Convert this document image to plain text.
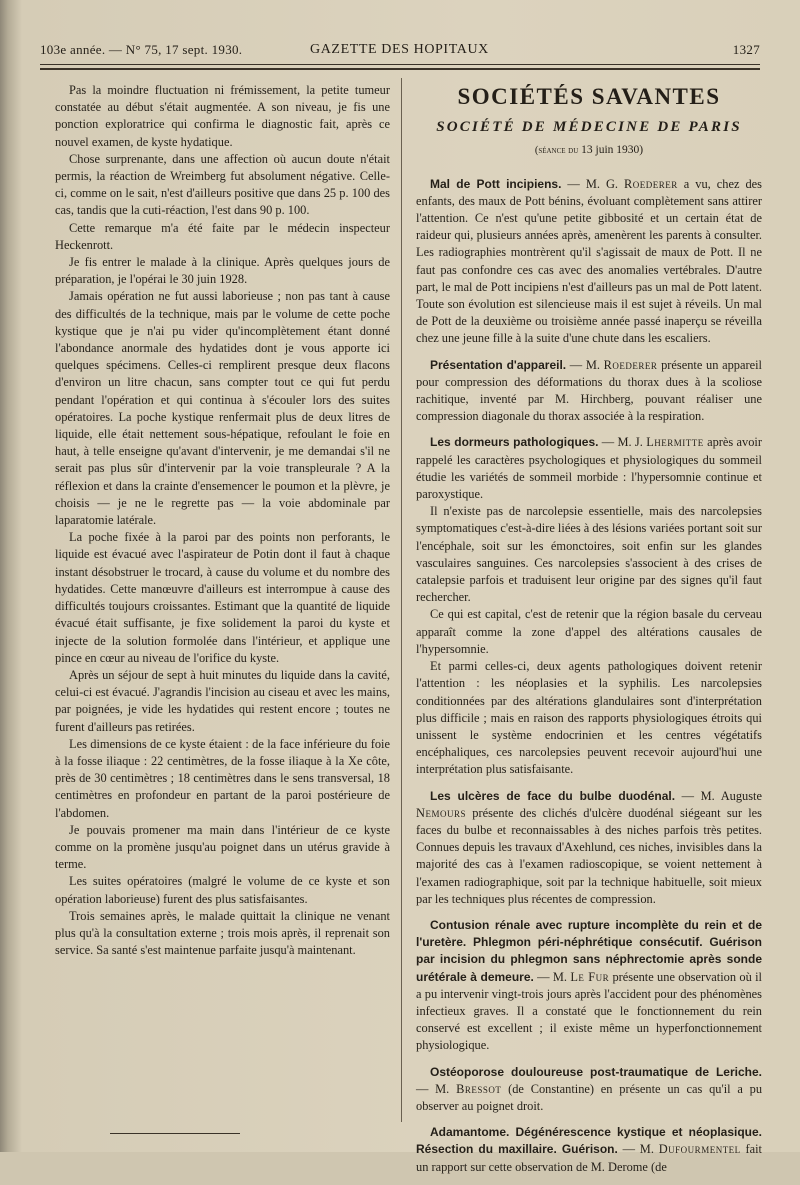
103e année. — N° 75, 17 sept. 1930.	GAZETTE DES HOPITAUX	1327

Pas la moindre fluctuation ni frémissement, la petite tumeur constatée au début s'était augmentée. A son niveau, je fis une ponction exploratrice qui confirma le diagnostic fait, après ce nouvel examen, de kyste hydatique.

Chose surprenante, dans une affection où aucun doute n'était permis, la réaction de Wreimberg fut absolument négative. Celle-ci, comme on le sait, n'est d'ailleurs positive que dans 25 p. 100 des cas, tandis que la cuti-réaction, l'est dans 90 p. 100.

Cette remarque m'a été faite par le médecin inspecteur Heckenrott.

Je fis entrer le malade à la clinique. Après quelques jours de préparation, je l'opérai le 30 juin 1928.

Jamais opération ne fut aussi laborieuse ; non pas tant à cause des difficultés de la technique, mais par le volume de cette poche kystique que je n'ai pu vider qu'incomplètement étant donné l'abondance anormale des hydatides dont je vous apporte ici quelques spécimens. Celles-ci remplirent presque deux flacons d'environ un litre chacun, sans compter tout ce qui fut perdu pendant l'opération et qui continua à s'écouler lors des suites opératoires. La poche kystique renfermait plus de deux litres de liquide, elle était nettement sous-hépatique, refoulant le foie en haut, à telle enseigne qu'avant d'intervenir, je me demandai s'il ne serait pas plus sûr d'intervenir par la voie transpleurale ? A la réflexion et dans la crainte d'ensemencer le poumon et la plèvre, je choisis — je ne le regrette pas — la voie abdominale par laparatomie latérale.

La poche fixée à la paroi par des points non perforants, le liquide est évacué avec l'aspirateur de Potin dont il faut à chaque instant désobstruer le trocard, à cause du volume et du nombre des hydatides. Cette manœuvre d'ailleurs est interrompue à cause des difficultés toujours croissantes. Estimant que la quantité de liquide évacué était suffisante, je fixe solidement la paroi du kyste et injecte de la solution formolée dans l'intérieur, et applique une pince en cœur au niveau de l'orifice du kyste.

Après un séjour de sept à huit minutes du liquide dans la cavité, celui-ci est évacué. J'agrandis l'incision au ciseau et avec les mains, par poignées, je vide les hydatides qui restent encore ; toutes ne furent d'ailleurs pas retirées.

Les dimensions de ce kyste étaient : de la face inférieure du foie à la fosse iliaque : 22 centimètres, de la fosse iliaque à la Xe côte, près de 30 centimètres ; 18 centimètres dans le sens transversal, 18 centimètres en profondeur en partant de la paroi postérieure de l'abdomen.

Je pouvais promener ma main dans l'intérieur de ce kyste comme on la promène jusqu'au poignet dans un utérus gravide à terme.

Les suites opératoires (malgré le volume de ce kyste et son opération laborieuse) furent des plus satisfaisantes.

Trois semaines après, le malade quittait la clinique ne venant plus qu'à la consultation externe ; trois mois après, il reprenait son service. Sa santé s'est maintenue parfaite jusqu'à maintenant.

SOCIÉTÉS SAVANTES
SOCIÉTÉ DE MÉDECINE DE PARIS
(séance du 13 juin 1930)

Mal de Pott incipiens. — M. G. Roederer a vu, chez des enfants, des maux de Pott bénins, évoluant complètement sans attirer l'attention. Ce n'est qu'une petite gibbosité et un certain état de raideur qui, plusieurs années après, amenèrent les parents à consulter. Les radiographies montrèrent qu'il s'agissait de maux de Pott. Il ne faut pas confondre ces cas avec des anomalies vertébrales. D'autre part, le mal de Pott incipiens n'est d'ailleurs pas un mal de Pott latent. Toute son évolution est silencieuse mais il est sujet à réveils. Un mal de Pott de la deuxième ou troisième année passé inaperçu se réveilla chez une jeune fille à la suite d'une chute dans les escaliers.

Présentation d'appareil. — M. Roederer présente un appareil pour compression des déformations du thorax dues à la scoliose rachitique, inventé par M. Hirchberg, pouvant réaliser une compression diagonale du thorax associée à la respiration.

Les dormeurs pathologiques. — M. J. Lhermitte après avoir rappelé les caractères psychologiques et physiologiques du sommeil étudie les variétés de sommeil morbide : l'hypersomnie continue et paroxystique.

Il n'existe pas de narcolepsie essentielle, mais des narcolepsies symptomatiques c'est-à-dire liées à des lésions variées portant soit sur l'encéphale, soit sur les émonctoires, soit enfin sur les glandes vasculaires sanguines. Ces narcolepsies s'associent à des crises de catalepsie parfois et traduisent leur origine par des signes qu'il faut rechercher.

Ce qui est capital, c'est de retenir que la région basale du cerveau apparaît comme la zone d'appel des altérations causales de l'hypersomnie.

Et parmi celles-ci, deux agents pathologiques doivent retenir l'attention : les néoplasies et la syphilis. Les narcolepsies conditionnées par des altérations glandulaires sont d'interprétation plus difficile ; mais en raison des rapports physiologiques étroits qui unissent le système endocrinien et les centres végétatifs encéphaliques, ces narcolepsies peuvent recevoir aujourd'hui une interprétation plus satisfaisante.

Les ulcères de face du bulbe duodénal. — M. Auguste Nemours présente des clichés d'ulcère duodénal siégeant sur les faces du bulbe et reconnaissables à des niches parfois très petites. Connues depuis les travaux d'Axehlund, ces niches, invisibles dans la majorité des cas à l'examen radioscopique, se voient nettement à l'examen radiographique, soit par la technique habituelle, soit mieux par les techniques plus récentes de compression.

Contusion rénale avec rupture incomplète du rein et de l'uretère. Phlegmon péri-néphrétique consécutif. Guérison par incision du phlegmon sans néphrectomie après sonde urétérale à demeure. — M. Le Fur présente une observation où il a pu intervenir vingt-trois jours après l'accident pour des phénomènes infectieux graves. Il a constaté que le fonctionnement du rein conservé est excellent ; il existe même un hyperfonctionnement physiologique.

Ostéoporose douloureuse post-traumatique de Leriche. — M. Bressot (de Constantine) en présente un cas qu'il a pu observer au poignet droit.

Adamantome. Dégénérescence kystique et néoplasique. Résection du maxillaire. Guérison. — M. Dufourmentel fait un rapport sur cette observation de M. Derome (de
